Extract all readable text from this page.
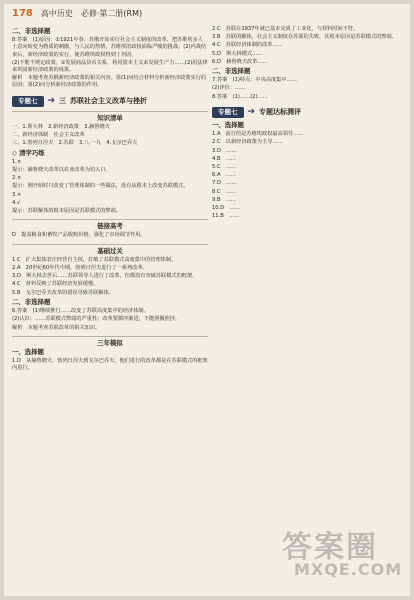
178 高中历史　必修·第二册(RM)
二、非选择题

8.答案　(1)原因：①1921年春，苏俄开始实行社会主义制度的改革，把苏维埃多人士意向转变为物质的刺激，与人民的热情，苏维埃的政权面临严峻的挑战。(2)内战结束后，新经济政策的实行，使苏维埃政权得到了巩固。

(2)不能不规定政策。①发展商品货币关系，利用资本主义来发展生产力……(2)用法律来巩固新经济政策的成果。

解析　本题考查苏俄新经济政策的相关内容。第(1)问结合材料分析新经济政策实行的原因；第(2)问分析新经济政策的作用。

专题七	➔ 三 苏联社会主义改革与挫折
知识清单

一、1.斯大林　2.新经济政策　3.赫鲁晓夫

二、新经济体制　社会主义改革

三、1.勃列日涅夫　2.苏联　3.八·一九　4.戈尔巴乔夫

◇ 清学巧练

1.×

提示：赫鲁晓夫改革以农业改革为切入口。

2.×

提示：刚开始时只改变了管理体制的一些做法，没有从根本上改变苏联模式。

3.×

4.√

提示：苏联解体的根本原因是苏联模式的弊端。

链接高考

D　提高粮食和畜牧产品收购价格，强化了市场调节作用。

基础过关

1.C　扩大集体农庄经营自主权，打破了苏联模式高度集中的管理体制。

2.A　20世纪60年代中期，勃列日涅夫进行了一系列改革。

3.D　斯大林去世后……苏联领导人进行了改革，但都没有突破苏联模式的框架。

4.C　材料反映了苏联经济发展缓慢。

5.B　戈尔巴乔夫改革的错误导致苏联解体。

二、非选择题

6.答案　(1)继续推行……改变了苏联高度集中的经济体制。

(2)认识：……苏联模式弊端的严重性；改革要循序渐进，不能照搬照抄。

解析　本题考查苏联改革的相关知识。

三年模拟
一、选择题

1.D　从赫鲁晓夫、勃列日涅夫到戈尔巴乔夫，他们进行的改革都是在苏联模式的框架内进行。

2.C　苏联在1937年就已基本完成了工业化，与材料时间不符。

3.B　苏联的解体，社会主义制度在苏联的失败，其根本原因是苏联模式的弊端。

4.C　苏联经济体制的改革……

5.D　斯大林模式……

6.D　赫鲁晓夫改革……

二、非选择题

7.答案　(1)特点：中央高度集中……

(2)评价：……

8.答案　(1)……(2)……

专题七	➔ 专题达标测评
一、选择题

1.A　流行的是苏维埃政权最高领导……

2.C　以新经济政策为主导……

3.D　……

4.B　……

5.C　……

6.A　……

7.D　……

8.C　……

9.B　……

10.D　……

11.B　……

答案圈
MXQE.COM
